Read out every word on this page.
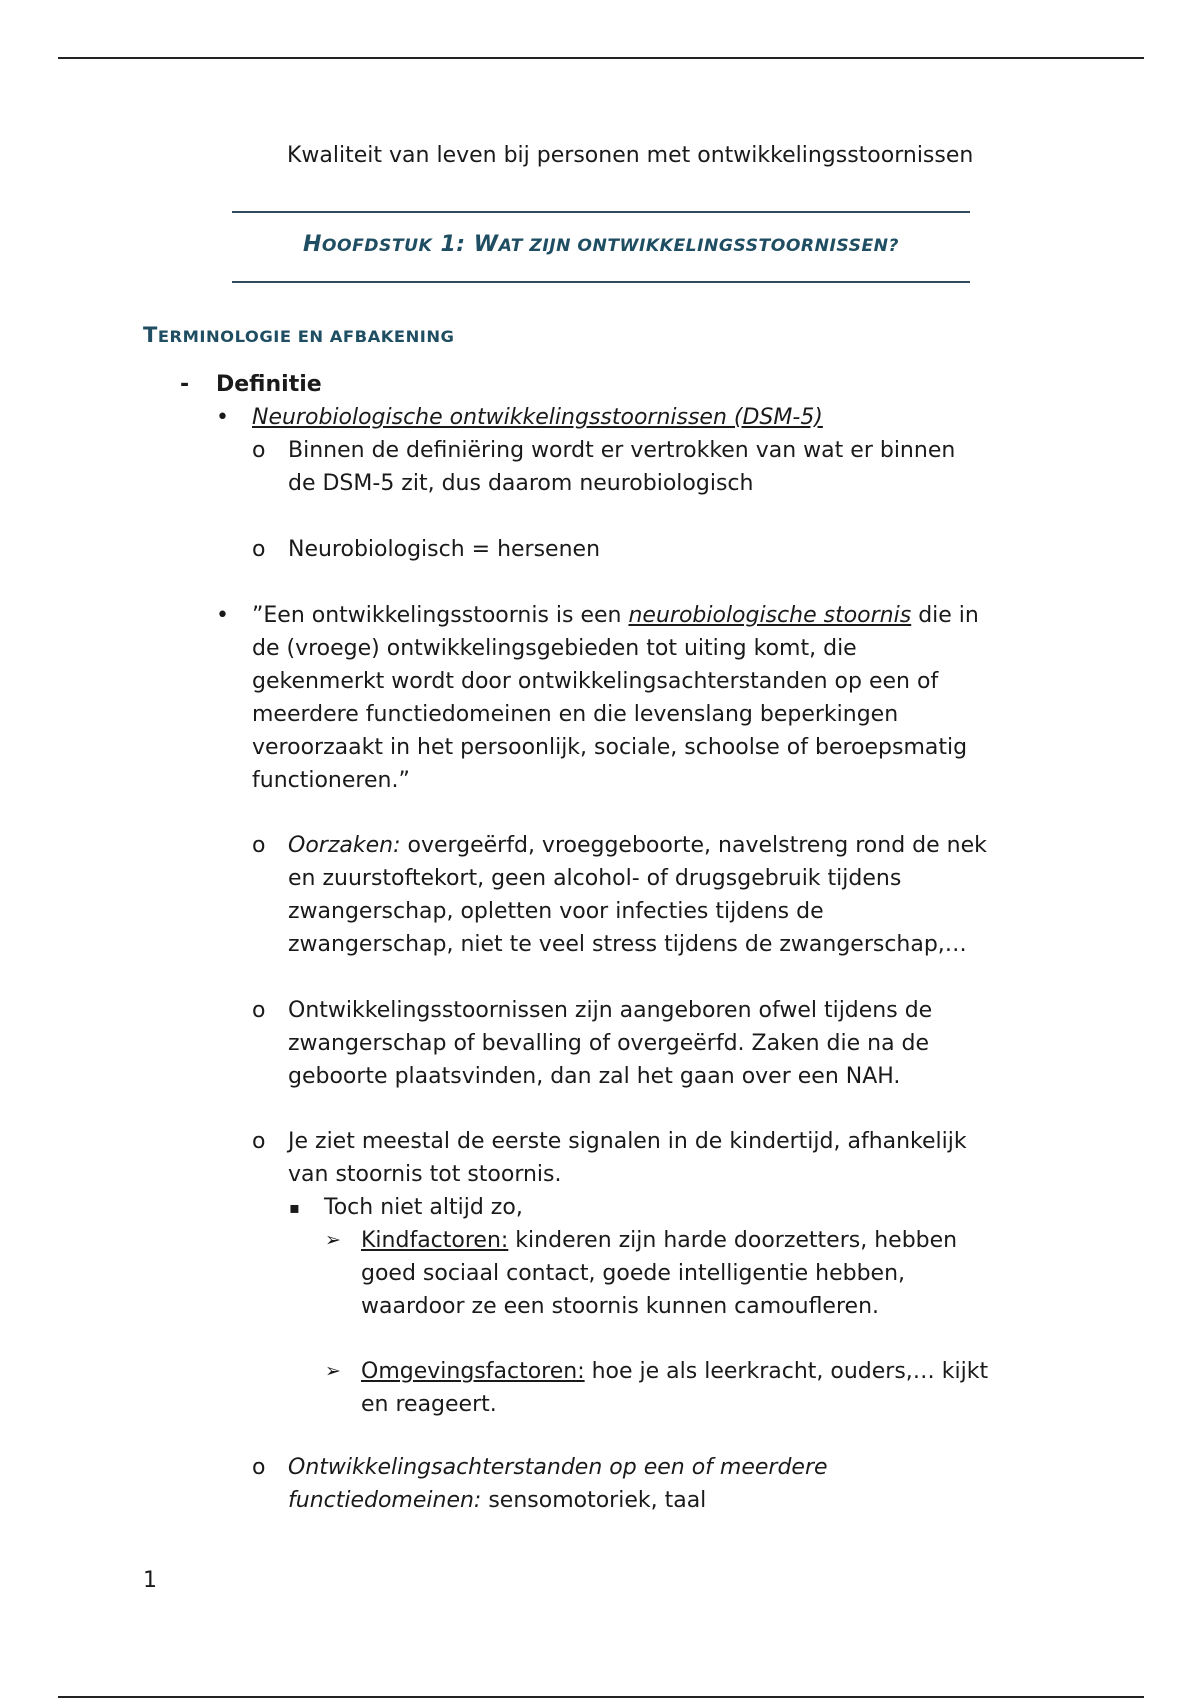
Kwaliteit van leven bij personen met ontwikkelingsstoornissen
HOOFDSTUK 1: WAT ZIJN ONTWIKKELINGSSTOORNISSEN?
TERMINOLOGIE EN AFBAKENING
- Definitie
• Neurobiologische ontwikkelingsstoornissen (DSM-5)
o Binnen de definiëring wordt er vertrokken van wat er binnen
de DSM-5 zit, dus daarom neurobiologisch
o Neurobiologisch = hersenen
• ”Een ontwikkelingsstoornis is een neurobiologische stoornis die in
de (vroege) ontwikkelingsgebieden tot uiting komt, die
gekenmerkt wordt door ontwikkelingsachterstanden op een of
meerdere functiedomeinen en die levenslang beperkingen
veroorzaakt in het persoonlijk, sociale, schoolse of beroepsmatig
functioneren.”
o Oorzaken: overgeërfd, vroeggeboorte, navelstreng rond de nek
en zuurstoftekort, geen alcohol- of drugsgebruik tijdens
zwangerschap, opletten voor infecties tijdens de
zwangerschap, niet te veel stress tijdens de zwangerschap,…
o Ontwikkelingsstoornissen zijn aangeboren ofwel tijdens de
zwangerschap of bevalling of overgeërfd. Zaken die na de
geboorte plaatsvinden, dan zal het gaan over een NAH.
o Je ziet meestal de eerste signalen in de kindertijd, afhankelijk
van stoornis tot stoornis.
▪ Toch niet altijd zo,
➢ Kindfactoren: kinderen zijn harde doorzetters, hebben
goed sociaal contact, goede intelligentie hebben,
waardoor ze een stoornis kunnen camoufleren.
➢ Omgevingsfactoren: hoe je als leerkracht, ouders,… kijkt
en reageert.
o Ontwikkelingsachterstanden op een of meerdere
functiedomeinen: sensomotoriek, taal
1
